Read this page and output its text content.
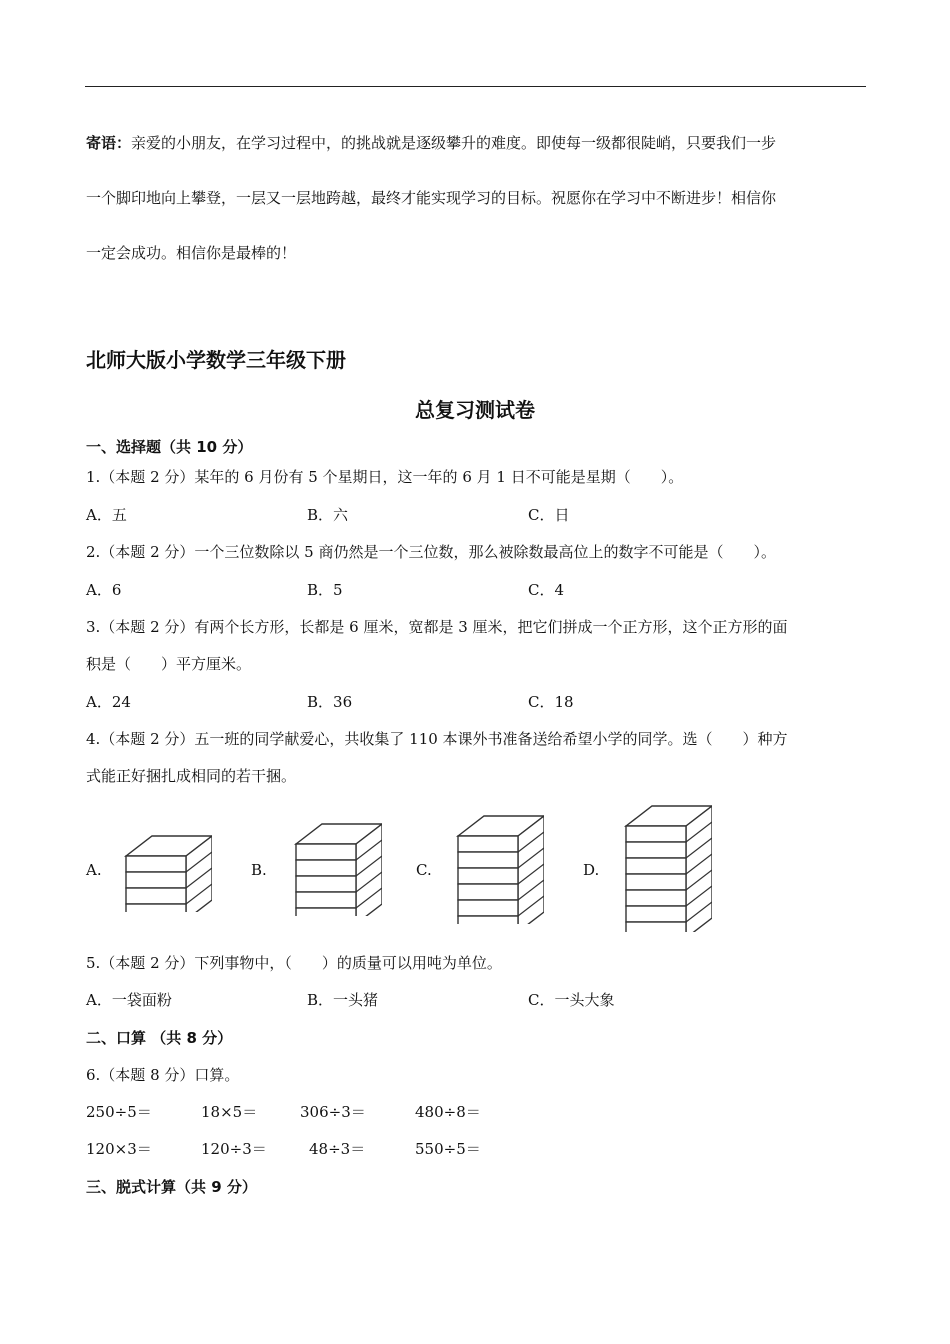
寄语：亲爱的小朋友，在学习过程中，的挑战就是逐级攀升的难度。即使每一级都很陡峭，只要我们一步
一个脚印地向上攀登，一层又一层地跨越，最终才能实现学习的目标。祝愿你在学习中不断进步！相信你
一定会成功。相信你是最棒的！
北师大版小学数学三年级下册
总复习测试卷
一、选择题（共 10 分）
1.（本题 2 分）某年的 6 月份有 5 个星期日，这一年的 6 月 1 日不可能是星期（　　）。
A．五	B．六	C．日
2.（本题 2 分）一个三位数除以 5 商仍然是一个三位数，那么被除数最高位上的数字不可能是（　　）。
A．6	B．5	C．4
3.（本题 2 分）有两个长方形，长都是 6 厘米，宽都是 3 厘米，把它们拼成一个正方形，这个正方形的面
积是（　　）平方厘米。
A．24	B．36	C．18
4.（本题 2 分）五一班的同学献爱心，共收集了 110 本课外书准备送给希望小学的同学。选（　　）种方
式能正好捆扎成相同的若干捆。
A.	B.	C.	D.
5.（本题 2 分）下列事物中，（　　）的质量可以用吨为单位。
A．一袋面粉	B．一头猪	C．一头大象
二、口算 （共 8 分）
6.（本题 8 分）口算。
250÷5＝	18×5＝	306÷3＝	480÷8＝
120×3＝	120÷3＝	48÷3＝	550÷5＝
三、脱式计算（共 9 分）
